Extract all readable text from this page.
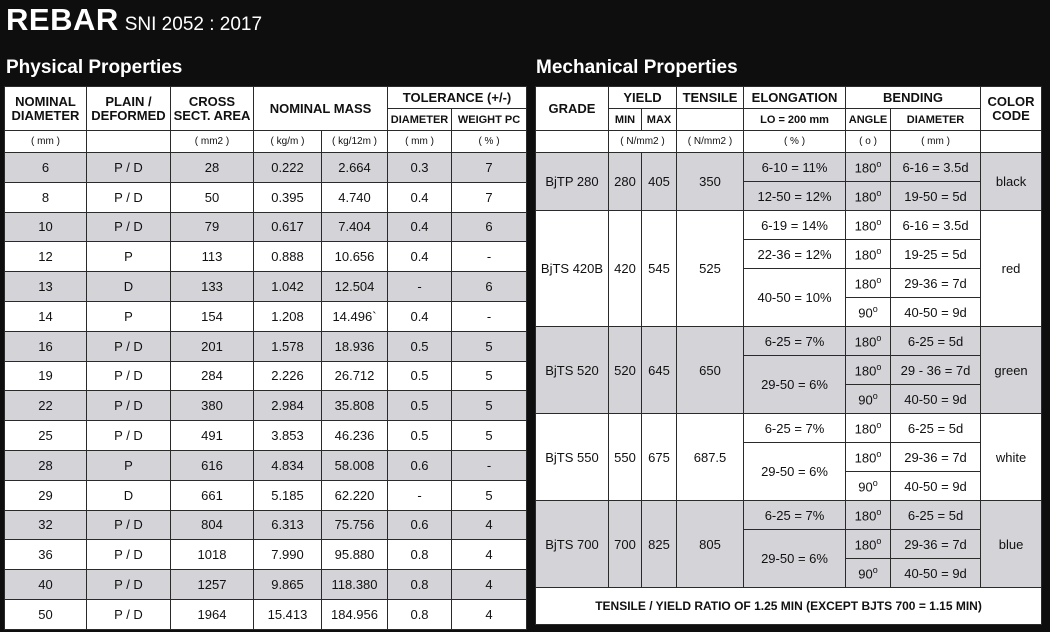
REBAR SNI 2052 : 2017
Physical Properties	Mechanical Properties
NOMINAL DIAMETER	PLAIN / DEFORMED	CROSS SECT. AREA	NOMINAL MASS		TOLERANCE (+/-)	
					DIAMETER	WEIGHT PC
( mm )		( mm2 )	( kg/m )	( kg/12m )	( mm )	( % )
6	P / D	28	0.222	2.664	0.3	7
8	P / D	50	0.395	4.740	0.4	7
10	P / D	79	0.617	7.404	0.4	6
12	P	113	0.888	10.656	0.4	-
13	D	133	1.042	12.504	-	6
14	P	154	1.208	14.496`	0.4	-
16	P / D	201	1.578	18.936	0.5	5
19	P / D	284	2.226	26.712	0.5	5
22	P / D	380	2.984	35.808	0.5	5
25	P / D	491	3.853	46.236	0.5	5
28	P	616	4.834	58.008	0.6	-
29	D	661	5.185	62.220	-	5
32	P / D	804	6.313	75.756	0.6	4
36	P / D	1018	7.990	95.880	0.8	4
40	P / D	1257	9.865	118.380	0.8	4
50	P / D	1964	15.413	184.956	0.8	4
GRADE	YIELD		TENSILE	ELONGATION	BENDING		COLOR CODE
	MIN	MAX		LO = 200 mm	ANGLE	DIAMETER	
	( N/mm2 )		( N/mm2 )	( % )	( o )	( mm )	
BjTP 280	280	405	350	6-10 = 11%	180$^o$	6-16 = 3.5d	black
				12-50 = 12%	180$^o$	19-50 = 5d	
BjTS 420B	420	545	525	6-19 = 14%	180$^o$	6-16 = 3.5d	red
				22-36 = 12%	180$^o$	19-25 = 5d	
				40-50 = 10%	180$^o$	29-36 = 7d	
					90$^o$	40-50 = 9d	
BjTS 520	520	645	650	6-25 = 7%	180$^o$	6-25 = 5d	green
				29-50 = 6%	180$^o$	29 - 36 = 7d	
					90$^o$	40-50 = 9d	
BjTS 550	550	675	687.5	6-25 = 7%	180$^o$	6-25 = 5d	white
				29-50 = 6%	180$^o$	29-36 = 7d	
					90$^o$	40-50 = 9d	
BjTS 700	700	825	805	6-25 = 7%	180$^o$	6-25 = 5d	blue
				29-50 = 6%	180$^o$	29-36 = 7d	
					90$^o$	40-50 = 9d	
TENSILE / YIELD RATIO OF 1.25 MIN (EXCEPT BJTS 700 = 1.15 MIN)							
